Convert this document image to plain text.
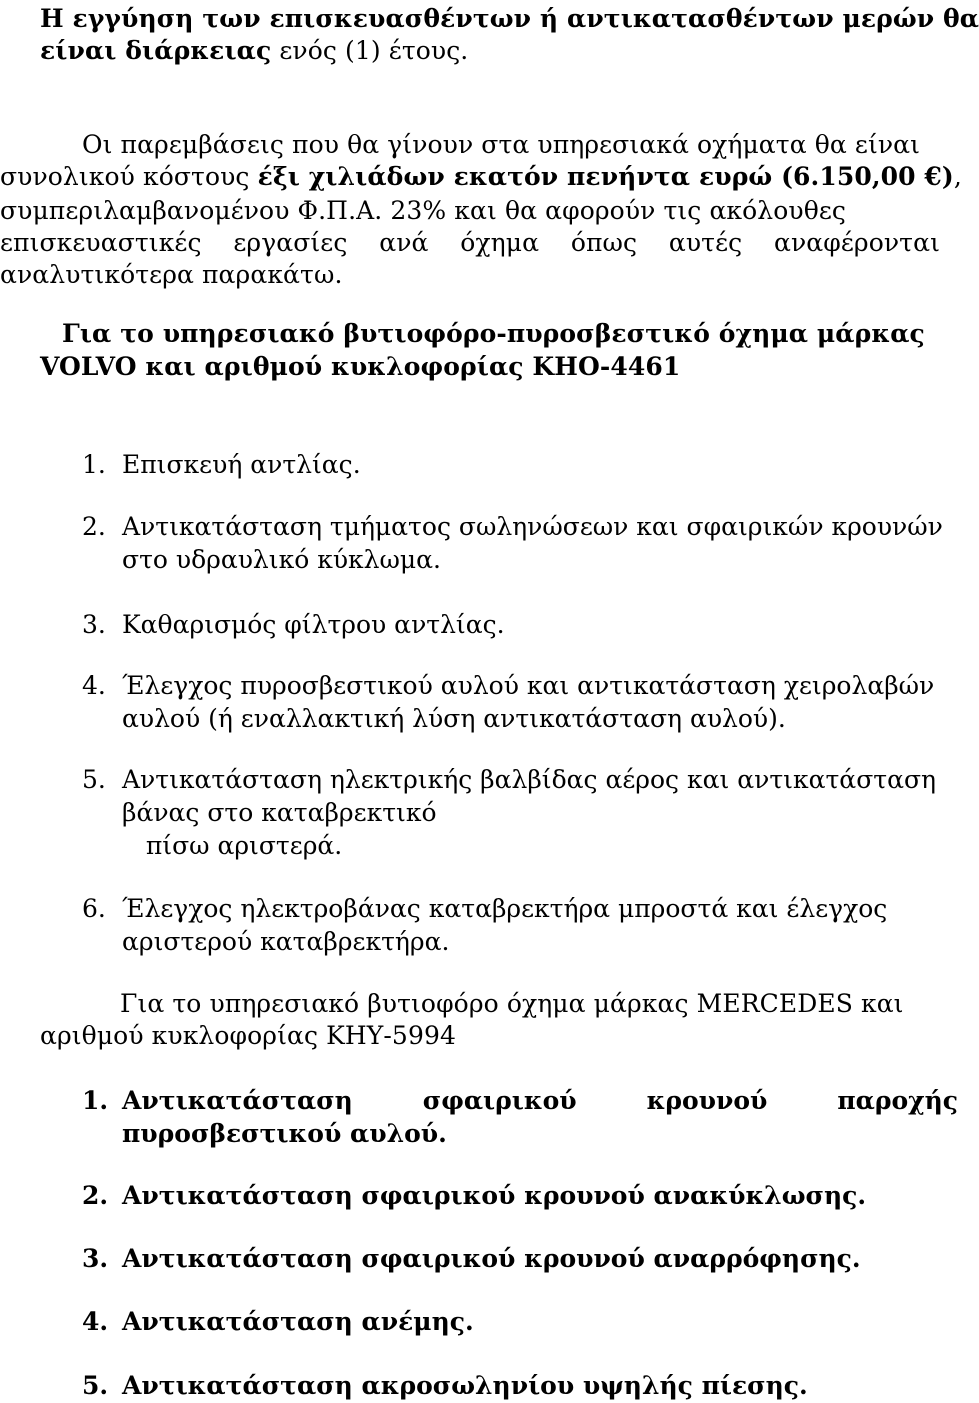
Η εγγύηση των επισκευασθέντων ή αντικατασθέντων μερών θα
είναι διάρκειας ενός (1) έτους.
Οι παρεμβάσεις που θα γίνουν στα υπηρεσιακά οχήματα θα είναι
συνολικού κόστους έξι χιλιάδων εκατόν πενήντα ευρώ (6.150,00 €),
συμπεριλαμβανομένου Φ.Π.Α. 23% και θα αφορούν τις ακόλουθες
επισκευαστικές εργασίες ανά όχημα όπως αυτές αναφέρονται
αναλυτικότερα παρακάτω.
Για το υπηρεσιακό βυτιοφόρο-πυροσβεστικό όχημα μάρκας
VOLVO και αριθμού κυκλοφορίας ΚΗΟ-4461
1. Επισκευή αντλίας.
2. Αντικατάσταση τμήματος σωληνώσεων και σφαιρικών κρουνών
στο υδραυλικό κύκλωμα.
3. Καθαρισμός φίλτρου αντλίας.
4. Έλεγχος πυροσβεστικού αυλού και αντικατάσταση χειρολαβών
αυλού (ή εναλλακτική λύση αντικατάσταση αυλού).
5. Αντικατάσταση ηλεκτρικής βαλβίδας αέρος και αντικατάσταση
βάνας στο καταβρεκτικό
πίσω αριστερά.
6. Έλεγχος ηλεκτροβάνας καταβρεκτήρα μπροστά και έλεγχος
αριστερού καταβρεκτήρα.
Για το υπηρεσιακό βυτιοφόρο όχημα μάρκας MERCEDES και
αριθμού κυκλοφορίας ΚΗΥ-5994
1. Αντικατάσταση	σφαιρικού	κρουνού	παροχής
πυροσβεστικού αυλού.
2. Αντικατάσταση σφαιρικού κρουνού ανακύκλωσης.
3. Αντικατάσταση σφαιρικού κρουνού αναρρόφησης.
4. Αντικατάσταση ανέμης.
5. Αντικατάσταση ακροσωληνίου υψηλής πίεσης.
